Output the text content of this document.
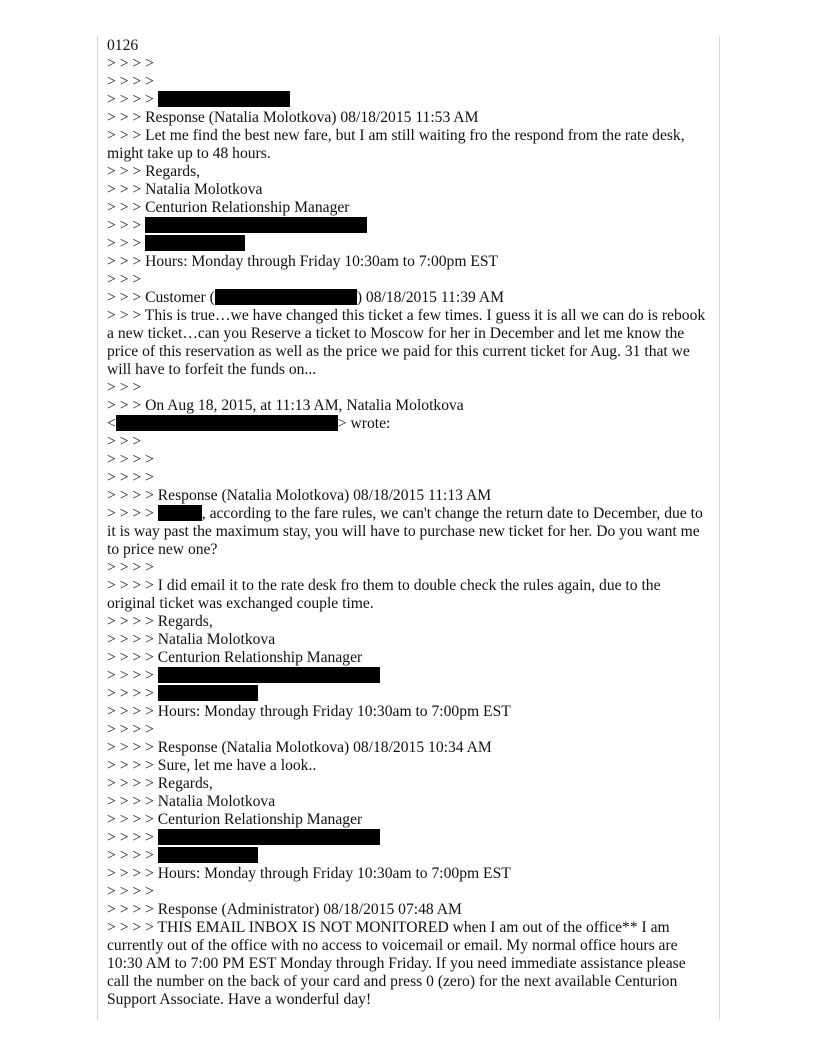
0126
> > > >
> > > >
> > > >
> > > Response (Natalia Molotkova) 08/18/2015 11:53 AM
> > > Let me find the best new fare, but I am still waiting fro the respond from the rate desk, might take up to 48 hours.
> > > Regards,
> > > Natalia Molotkova
> > > Centurion Relationship Manager
> > >
> > >
> > > Hours: Monday through Friday 10:30am to 7:00pm EST
> > >
> > > Customer (	) 08/18/2015 11:39 AM
> > > This is true…we have changed this ticket a few times. I guess it is all we can do is rebook a new ticket…can you Reserve a ticket to Moscow for her in December and let me know the price of this reservation as well as the price we paid for this current ticket for Aug. 31 that we will have to forfeit the funds on...
> > >
> > > On Aug 18, 2015, at 11:13 AM, Natalia Molotkova
<	> wrote:
> > >
> > > >
> > > >
> > > > Response (Natalia Molotkova) 08/18/2015 11:13 AM
> > > >	, according to the fare rules, we can't change the return date to December, due to it is way past the maximum stay, you will have to purchase new ticket for her. Do you want me to price new one?
> > > >
> > > > I did email it to the rate desk fro them to double check the rules again, due to the original ticket was exchanged couple time.
> > > > Regards,
> > > > Natalia Molotkova
> > > > Centurion Relationship Manager
> > > >
> > > >
> > > > Hours: Monday through Friday 10:30am to 7:00pm EST
> > > >
> > > > Response (Natalia Molotkova) 08/18/2015 10:34 AM
> > > > Sure, let me have a look..
> > > > Regards,
> > > > Natalia Molotkova
> > > > Centurion Relationship Manager
> > > >
> > > >
> > > > Hours: Monday through Friday 10:30am to 7:00pm EST
> > > >
> > > > Response (Administrator) 08/18/2015 07:48 AM
> > > > THIS EMAIL INBOX IS NOT MONITORED when I am out of the office** I am currently out of the office with no access to voicemail or email. My normal office hours are 10:30 AM to 7:00 PM EST Monday through Friday. If you need immediate assistance please call the number on the back of your card and press 0 (zero) for the next available Centurion Support Associate. Have a wonderful day!
